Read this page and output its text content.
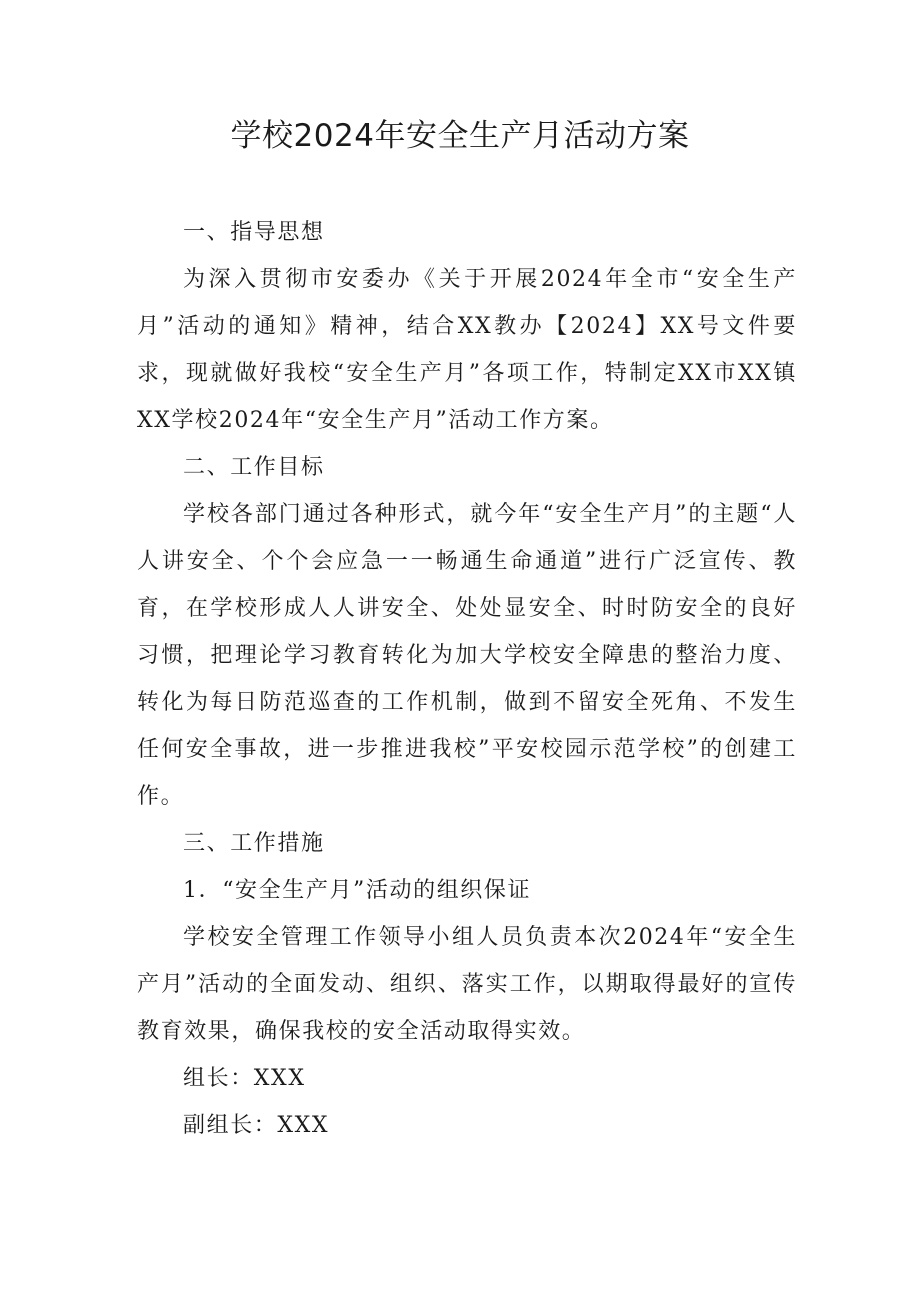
学校2024年安全生产月活动方案

一、指导思想

为深入贯彻市安委办《关于开展2024年全市“安全生产月”活动的通知》精神，结合XX教办【2024】XX号文件要求，现就做好我校“安全生产月”各项工作，特制定XX市XX镇XX学校2024年“安全生产月”活动工作方案。

二、工作目标

学校各部门通过各种形式，就今年“安全生产月”的主题“人人讲安全、个个会应急一一畅通生命通道”进行广泛宣传、教育，在学校形成人人讲安全、处处显安全、时时防安全的良好习惯，把理论学习教育转化为加大学校安全障患的整治力度、转化为每日防范巡查的工作机制，做到不留安全死角、不发生任何安全事故，进一步推进我校”平安校园示范学校”的创建工作。

三、工作措施

1．“安全生产月”活动的组织保证

学校安全管理工作领导小组人员负责本次2024年“安全生产月”活动的全面发动、组织、落实工作，以期取得最好的宣传教育效果，确保我校的安全活动取得实效。

组长：XXX

副组长：XXX
